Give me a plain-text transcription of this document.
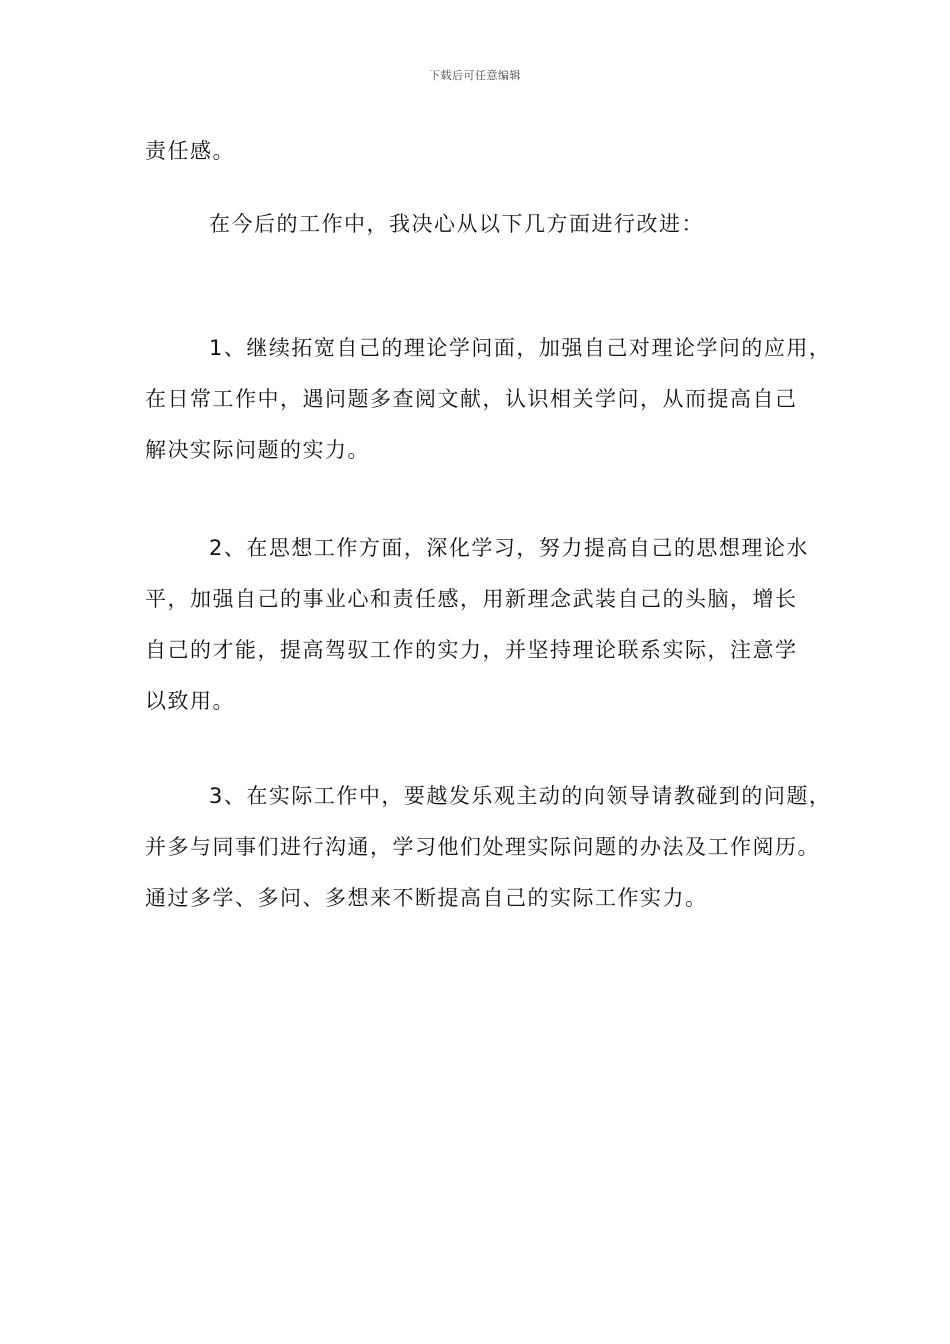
下载后可任意编辑
责任感。
在今后的工作中，我决心从以下几方面进行改进：
1、继续拓宽自己的理论学问面，加强自己对理论学问的应用，
在日常工作中，遇问题多查阅文献，认识相关学问，从而提高自己
解决实际问题的实力。
2、在思想工作方面，深化学习，努力提高自己的思想理论水
平，加强自己的事业心和责任感，用新理念武装自己的头脑，增长
自己的才能，提高驾驭工作的实力，并坚持理论联系实际，注意学
以致用。
3、在实际工作中，要越发乐观主动的向领导请教碰到的问题，
并多与同事们进行沟通，学习他们处理实际问题的办法及工作阅历。
通过多学、多问、多想来不断提高自己的实际工作实力。
